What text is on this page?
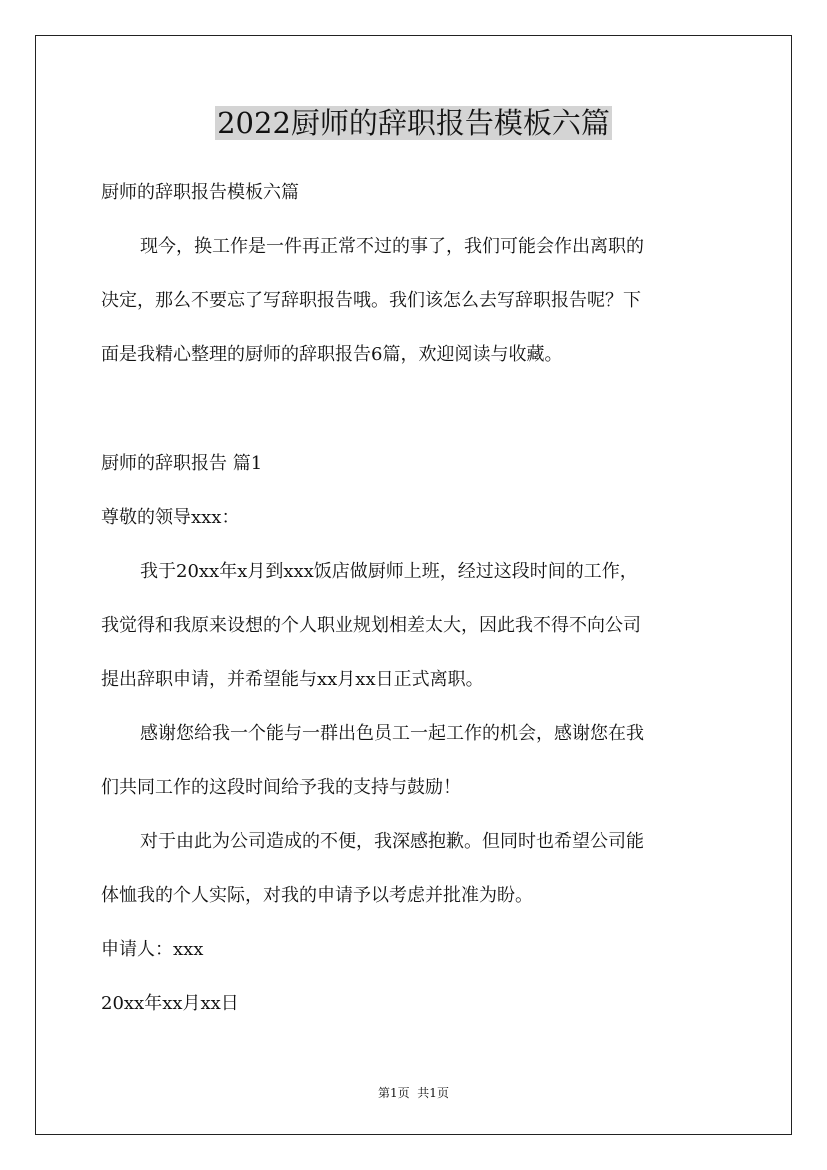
2022厨师的辞职报告模板六篇

厨师的辞职报告模板六篇

现今，换工作是一件再正常不过的事了，我们可能会作出离职的

决定，那么不要忘了写辞职报告哦。我们该怎么去写辞职报告呢？下

面是我精心整理的厨师的辞职报告6篇，欢迎阅读与收藏。

厨师的辞职报告 篇1

尊敬的领导xxx：

我于20xx年x月到xxx饭店做厨师上班，经过这段时间的工作，

我觉得和我原来设想的个人职业规划相差太大，因此我不得不向公司

提出辞职申请，并希望能与xx月xx日正式离职。

感谢您给我一个能与一群出色员工一起工作的机会，感谢您在我

们共同工作的这段时间给予我的支持与鼓励！

对于由此为公司造成的不便，我深感抱歉。但同时也希望公司能

体恤我的个人实际，对我的申请予以考虑并批准为盼。

申请人：xxx

20xx年xx月xx日

第1页  共1页
